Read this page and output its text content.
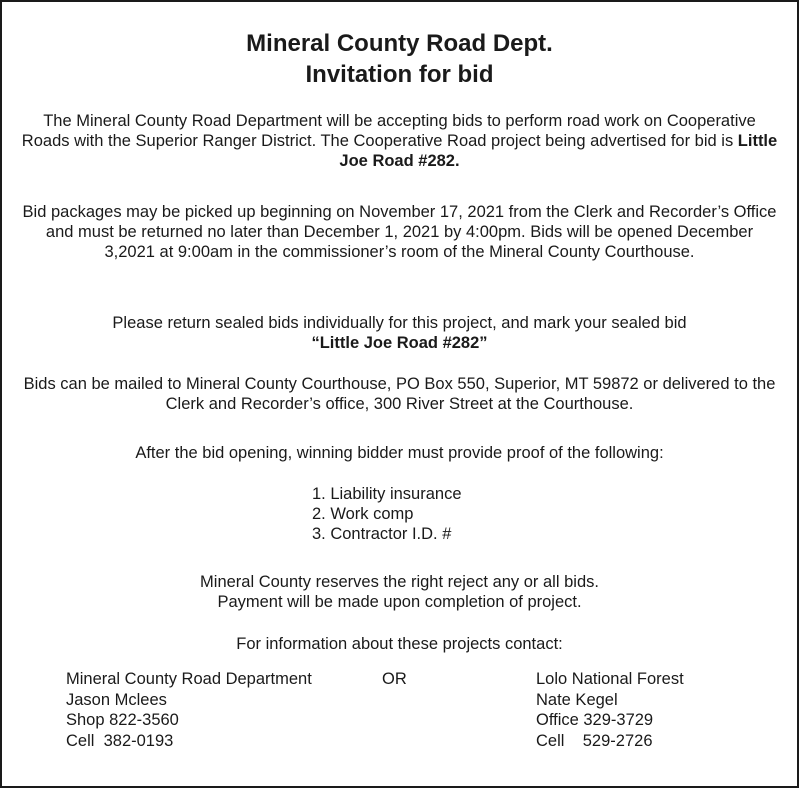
Mineral County Road Dept.
Invitation for bid
The Mineral County Road Department will be accepting bids to perform road work on Cooperative Roads with the Superior Ranger District. The Cooperative Road project being advertised for bid is Little Joe Road #282.
Bid packages may be picked up beginning on November 17, 2021 from the Clerk and Recorder’s Office and must be returned no later than December 1, 2021 by 4:00pm. Bids will be opened December 3,2021 at 9:00am in the commissioner’s room of the Mineral County Courthouse.
Please return sealed bids individually for this project, and mark your sealed bid
“Little Joe Road #282”
Bids can be mailed to Mineral County Courthouse, PO Box 550, Superior, MT 59872 or delivered to the Clerk and Recorder’s office, 300 River Street at the Courthouse.
After the bid opening, winning bidder must provide proof of the following:
1. Liability insurance
2. Work comp
3. Contractor I.D. #
Mineral County reserves the right reject any or all bids.
Payment will be made upon completion of project.
For information about these projects contact:
Mineral County Road Department
Jason Mclees
Shop 822-3560
Cell  382-0193
OR	Lolo National Forest
Nate Kegel
Office 329-3729
Cell    529-2726
